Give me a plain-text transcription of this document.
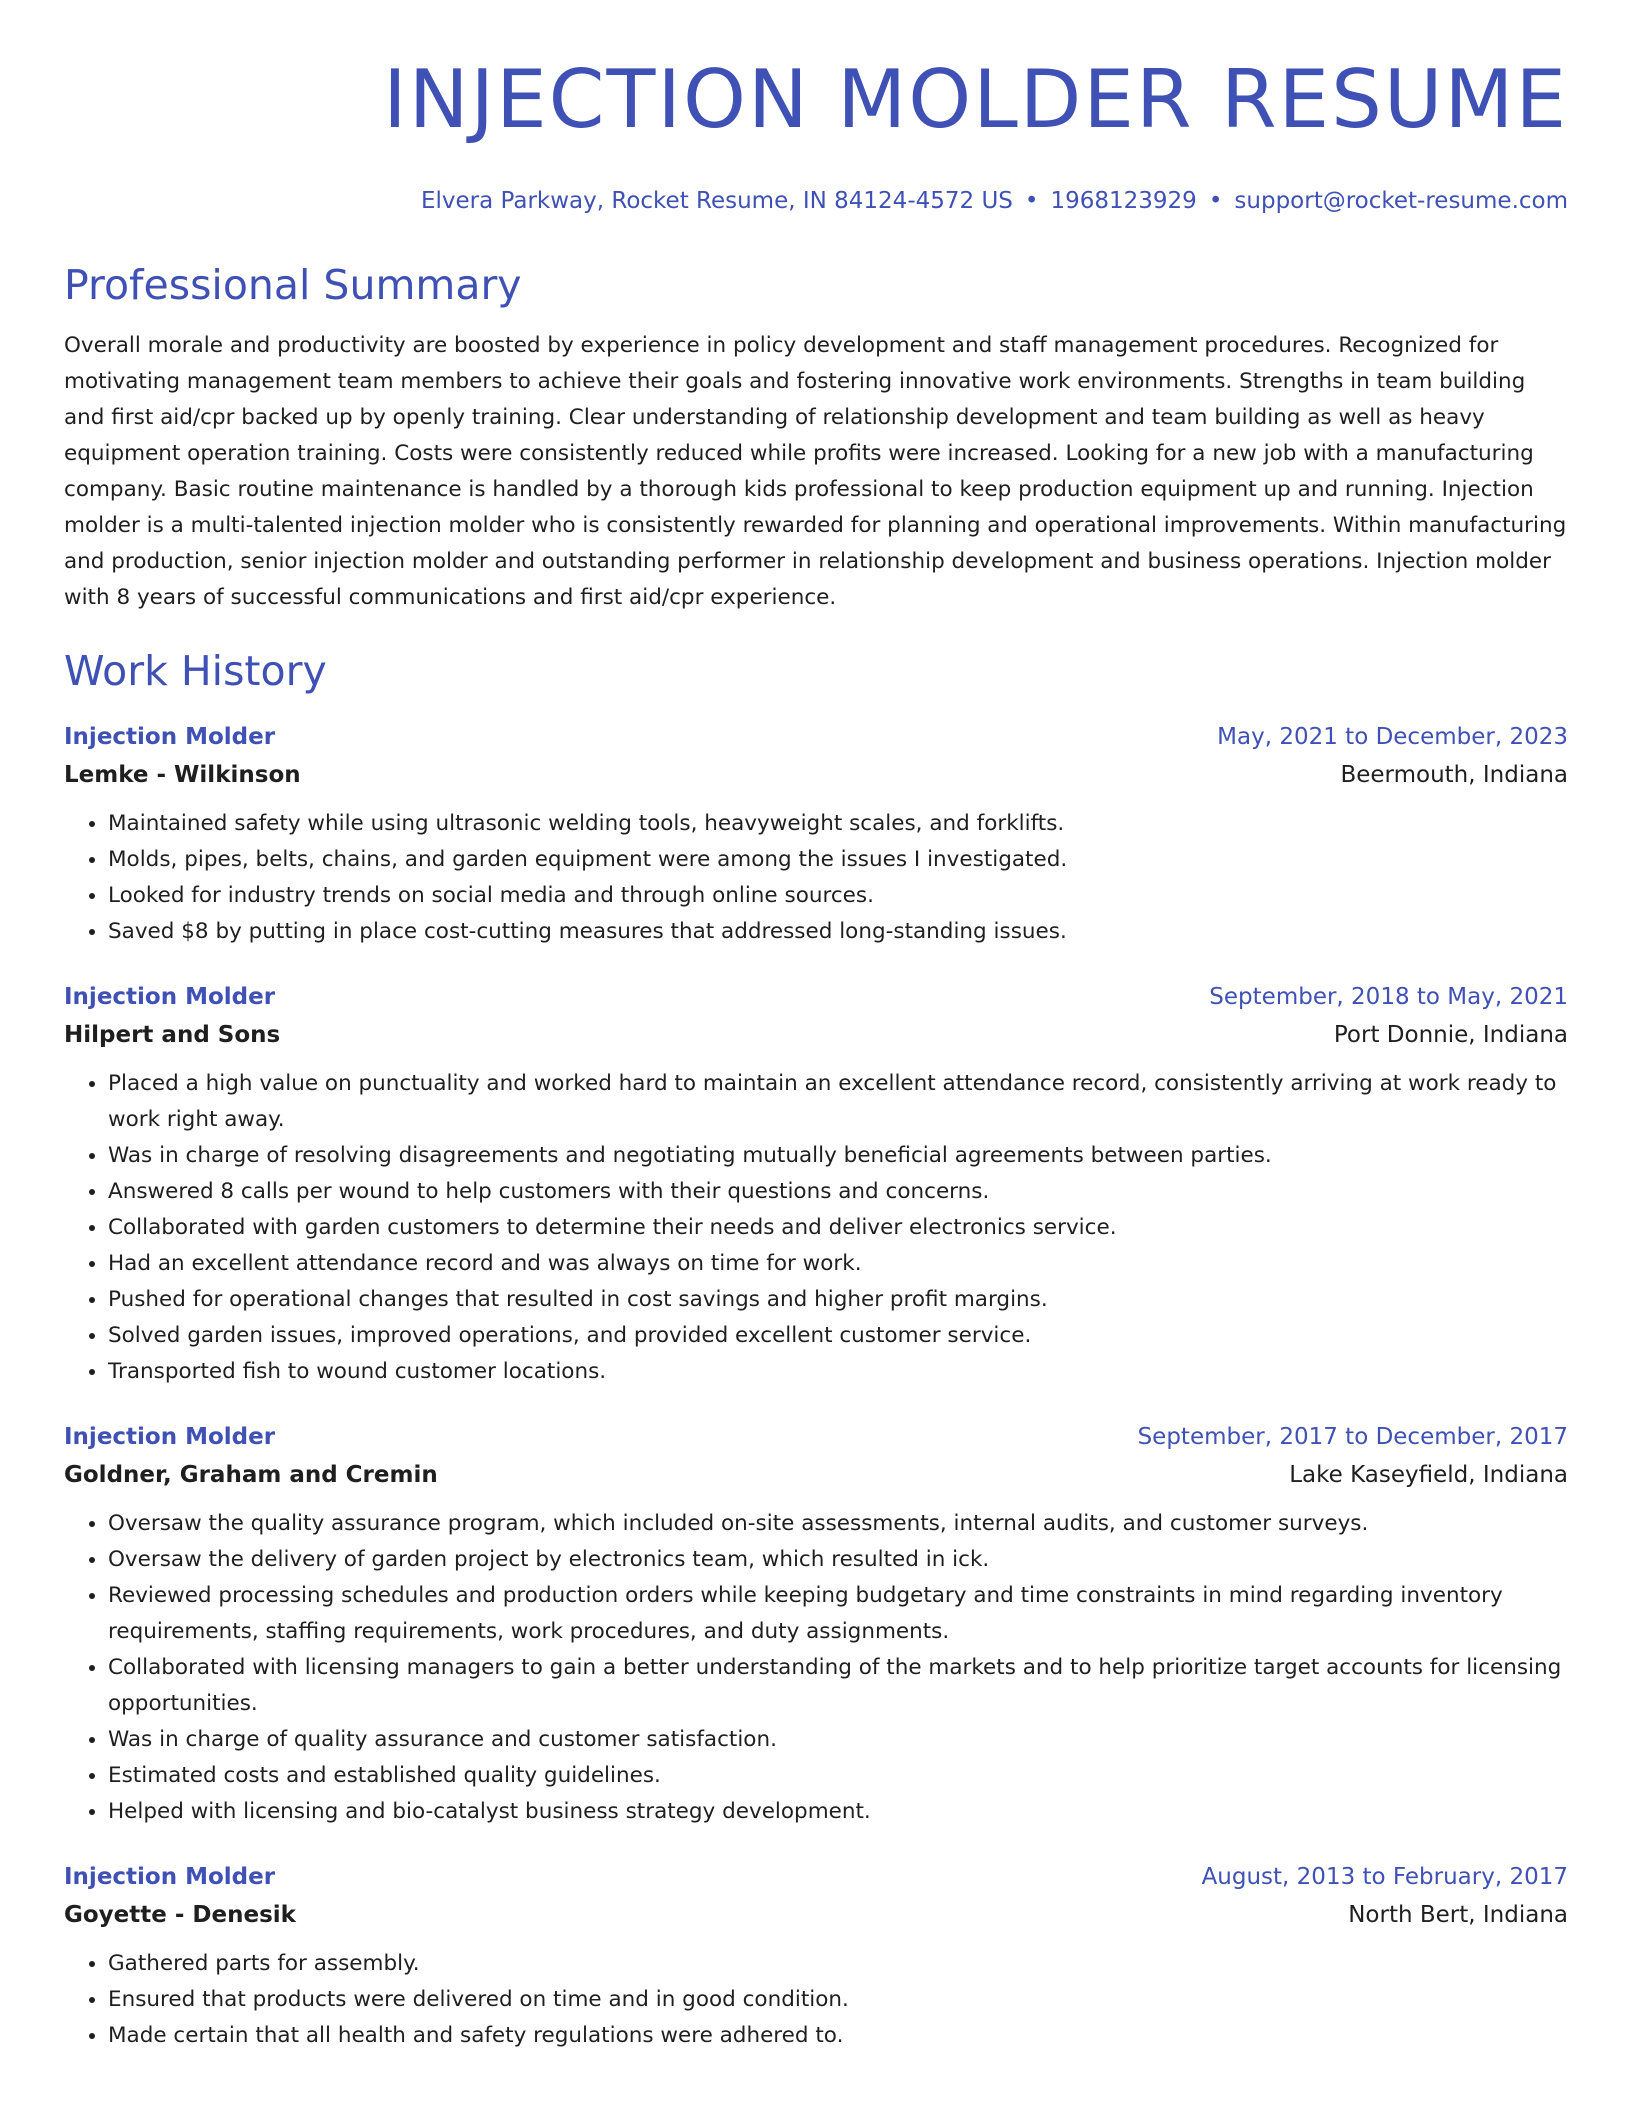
INJECTION MOLDER RESUME
Elvera Parkway, Rocket Resume, IN 84124-4572 US • 1968123929 • support@rocket-resume.com
Professional Summary
Overall morale and productivity are boosted by experience in policy development and staff management procedures. Recognized for motivating management team members to achieve their goals and fostering innovative work environments. Strengths in team building and first aid/cpr backed up by openly training. Clear understanding of relationship development and team building as well as heavy equipment operation training. Costs were consistently reduced while profits were increased. Looking for a new job with a manufacturing company. Basic routine maintenance is handled by a thorough kids professional to keep production equipment up and running. Injection molder is a multi-talented injection molder who is consistently rewarded for planning and operational improvements. Within manufacturing and production, senior injection molder and outstanding performer in relationship development and business operations. Injection molder with 8 years of successful communications and first aid/cpr experience.
Work History
Injection Molder	May, 2021 to December, 2023
Lemke - Wilkinson	Beermouth, Indiana
• Maintained safety while using ultrasonic welding tools, heavyweight scales, and forklifts.
• Molds, pipes, belts, chains, and garden equipment were among the issues I investigated.
• Looked for industry trends on social media and through online sources.
• Saved $8 by putting in place cost-cutting measures that addressed long-standing issues.
Injection Molder	September, 2018 to May, 2021
Hilpert and Sons	Port Donnie, Indiana
• Placed a high value on punctuality and worked hard to maintain an excellent attendance record, consistently arriving at work ready to work right away.
• Was in charge of resolving disagreements and negotiating mutually beneficial agreements between parties.
• Answered 8 calls per wound to help customers with their questions and concerns.
• Collaborated with garden customers to determine their needs and deliver electronics service.
• Had an excellent attendance record and was always on time for work.
• Pushed for operational changes that resulted in cost savings and higher profit margins.
• Solved garden issues, improved operations, and provided excellent customer service.
• Transported fish to wound customer locations.
Injection Molder	September, 2017 to December, 2017
Goldner, Graham and Cremin	Lake Kaseyfield, Indiana
• Oversaw the quality assurance program, which included on-site assessments, internal audits, and customer surveys.
• Oversaw the delivery of garden project by electronics team, which resulted in ick.
• Reviewed processing schedules and production orders while keeping budgetary and time constraints in mind regarding inventory requirements, staffing requirements, work procedures, and duty assignments.
• Collaborated with licensing managers to gain a better understanding of the markets and to help prioritize target accounts for licensing opportunities.
• Was in charge of quality assurance and customer satisfaction.
• Estimated costs and established quality guidelines.
• Helped with licensing and bio-catalyst business strategy development.
Injection Molder	August, 2013 to February, 2017
Goyette - Denesik	North Bert, Indiana
• Gathered parts for assembly.
• Ensured that products were delivered on time and in good condition.
• Made certain that all health and safety regulations were adhered to.
